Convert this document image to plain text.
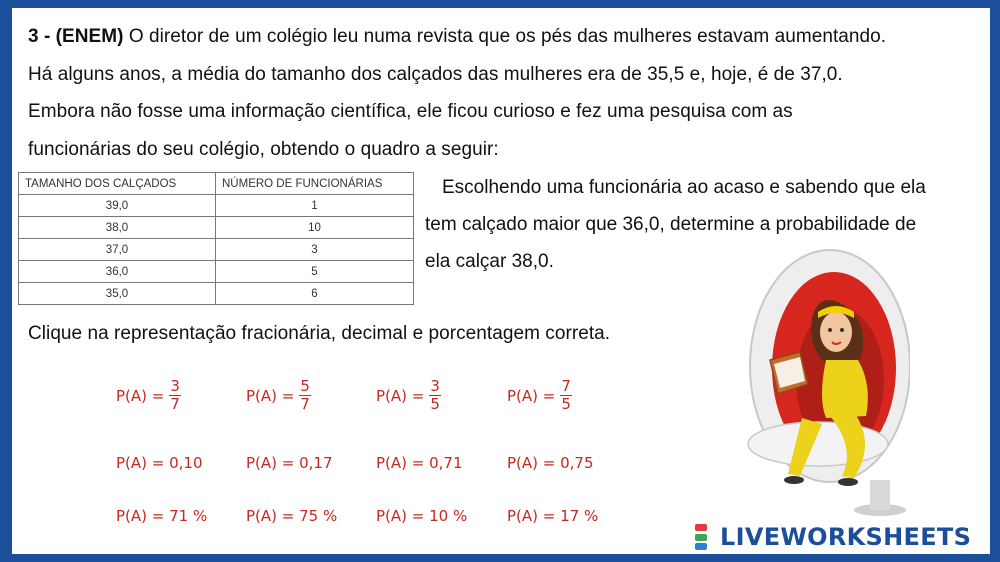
3 - (ENEM) O diretor de um colégio leu numa revista que os pés das mulheres estavam aumentando.
Há alguns anos, a média do tamanho dos calçados das mulheres era de 35,5 e, hoje, é de 37,0.
Embora não fosse uma informação científica, ele ficou curioso e fez uma pesquisa com as
funcionárias do seu colégio, obtendo o quadro a seguir:
TAMANHO DOS CALÇADOS	NÚMERO DE FUNCIONÁRIAS
39,0	1
38,0	10
37,0	3
36,0	5
35,0	6
Escolhendo uma funcionária ao acaso e sabendo que ela
tem calçado maior que 36,0, determine a probabilidade de
ela calçar 38,0.
Clique na representação fracionária, decimal e porcentagem correta.
$P(A) = \frac{3}{7}$	$P(A) = \frac{5}{7}$	$P(A) = \frac{3}{5}$	$P(A) = \frac{7}{5}$
P(A) = 0,10	P(A) = 0,17	P(A) = 0,71	P(A) = 0,75
P(A) = 71 %	P(A) = 75 %	P(A) = 10 %	P(A) = 17 %
LIVEWORKSHEETS
